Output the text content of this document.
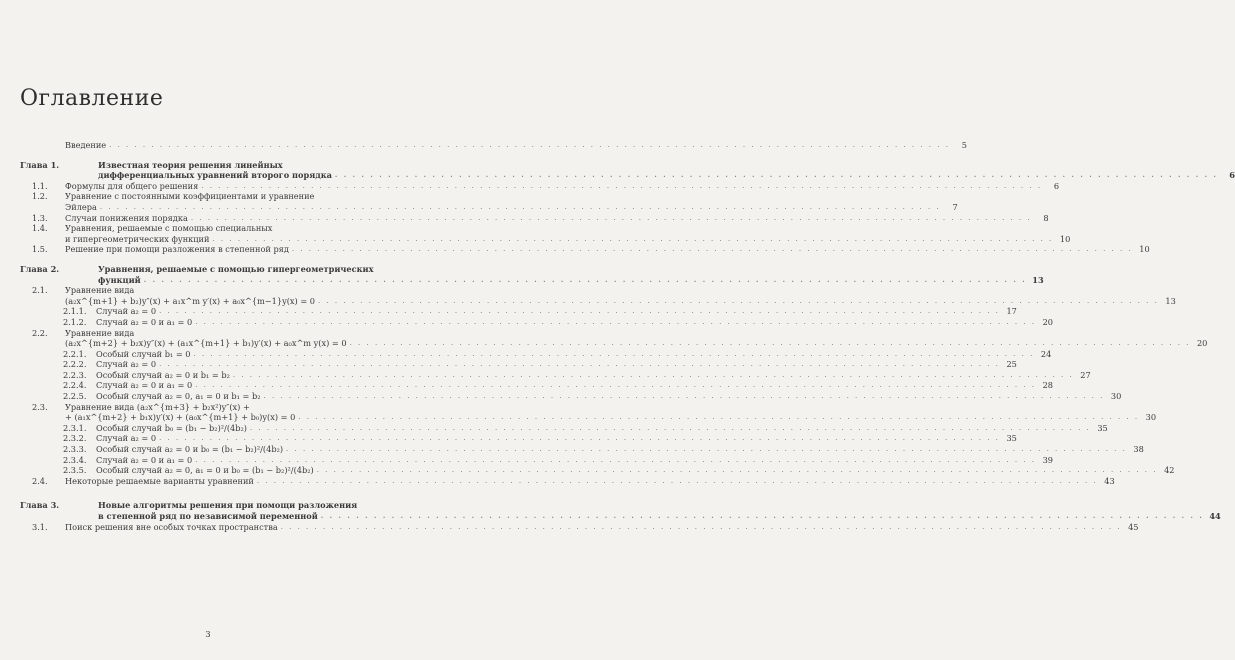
Оглавление
Введение . . .	5
Глава 1.	Известная теория решения линейных
дифференциальных уравнений второго порядка . . .	6
1.1.	Формулы для общего решения . . .	6
1.2.	Уравнение с постоянными коэффициентами и уравнение
Эйлера . . .	7
1.3.	Случаи понижения порядка . . .	8
1.4.	Уравнения, решаемые с помощью специальных
и гипергеометрических функций . . .	10
1.5.	Решение при помощи разложения в степенной ряд . . .	10
Глава 2.	Уравнения, решаемые с помощью гипергеометрических
функций . . .	13
2.1.	Уравнение вида
(a₂x^{m+1} + b₂)y″(x) + a₁x^m y′(x) + a₀x^{m−1}y(x) = 0 . . .	13
2.1.1.	Случай a₂ = 0 . . .	17
2.1.2.	Случай a₂ = 0 и a₁ = 0 . . .	20
2.2.	Уравнение вида
(a₂x^{m+2} + b₂x)y″(x) + (a₁x^{m+1} + b₁)y′(x) + a₀x^m y(x) = 0 . . .	20
2.2.1.	Особый случай b₁ = 0 . . .	24
2.2.2.	Случай a₂ = 0 . . .	25
2.2.3.	Особый случай a₂ = 0 и b₁ = b₂ . . .	27
2.2.4.	Случай a₂ = 0 и a₁ = 0 . . .	28
2.2.5.	Особый случай a₂ = 0, a₁ = 0 и b₁ = b₂ . . .	30
2.3.	Уравнение вида (a₂x^{m+3} + b₂x²)y″(x) +
+ (a₁x^{m+2} + b₁x)y′(x) + (a₀x^{m+1} + b₀)y(x) = 0 . . .	30
2.3.1.	Особый случай b₀ = (b₁ − b₂)²/(4b₂) . . .	35
2.3.2.	Случай a₂ = 0 . . .	35
2.3.3.	Особый случай a₂ = 0 и b₀ = (b₁ − b₂)²/(4b₂) . . .	38
2.3.4.	Случай a₂ = 0 и a₁ = 0 . . .	39
2.3.5.	Особый случай a₂ = 0, a₁ = 0 и b₀ = (b₁ − b₂)²/(4b₂) . . .	42
2.4.	Некоторые решаемые варианты уравнений . . .	43
Глава 3.	Новые алгоритмы решения при помощи разложения
в степенной ряд по независимой переменной . . .	44
3.1.	Поиск решения вне особых точках пространства . . .	45
3
